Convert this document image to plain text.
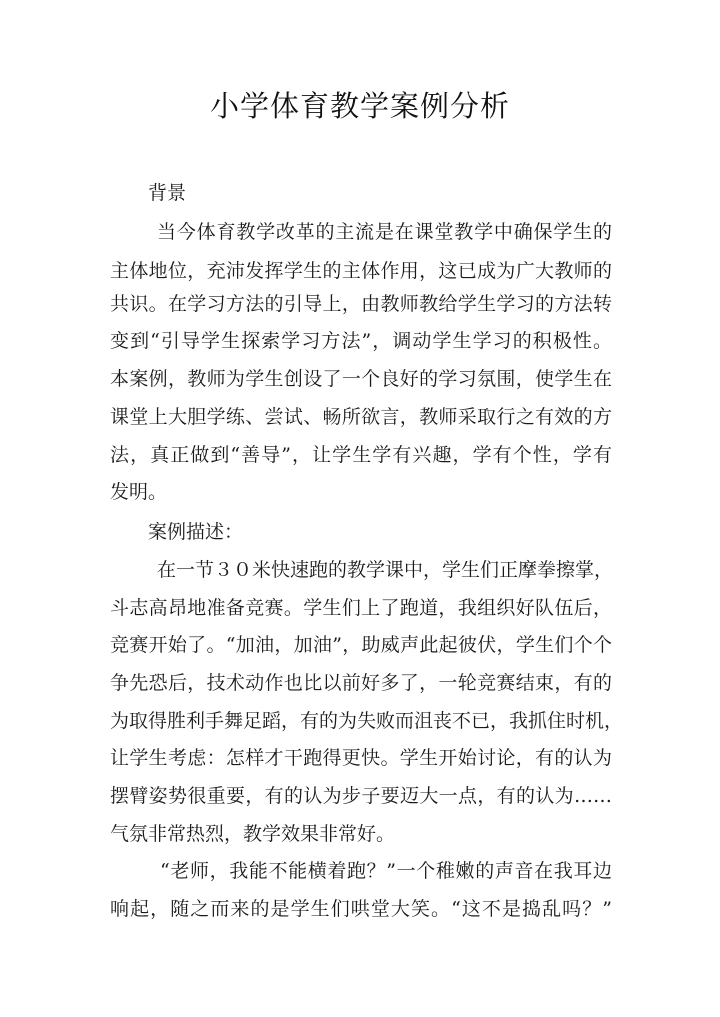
小学体育教学案例分析
背景
当今体育教学改革的主流是在课堂教学中确保学生的
主体地位，充沛发挥学生的主体作用，这已成为广大教师的
共识。在学习方法的引导上，由教师教给学生学习的方法转
变到“引导学生探索学习方法”，调动学生学习的积极性。
本案例，教师为学生创设了一个良好的学习氛围，使学生在
课堂上大胆学练、尝试、畅所欲言，教师采取行之有效的方
法，真正做到“善导”，让学生学有兴趣，学有个性，学有
发明。
案例描述：
在一节３０米快速跑的教学课中，学生们正摩拳擦掌，
斗志高昂地准备竞赛。学生们上了跑道，我组织好队伍后，
竞赛开始了。“加油，加油”，助威声此起彼伏，学生们个个
争先恐后，技术动作也比以前好多了，一轮竞赛结束，有的
为取得胜利手舞足蹈，有的为失败而沮丧不已，我抓住时机，
让学生考虑：怎样才干跑得更快。学生开始讨论，有的认为
摆臂姿势很重要，有的认为步子要迈大一点，有的认为……
气氛非常热烈，教学效果非常好。
“老师，我能不能横着跑？”一个稚嫩的声音在我耳边
响起，随之而来的是学生们哄堂大笑。“这不是捣乱吗？”
